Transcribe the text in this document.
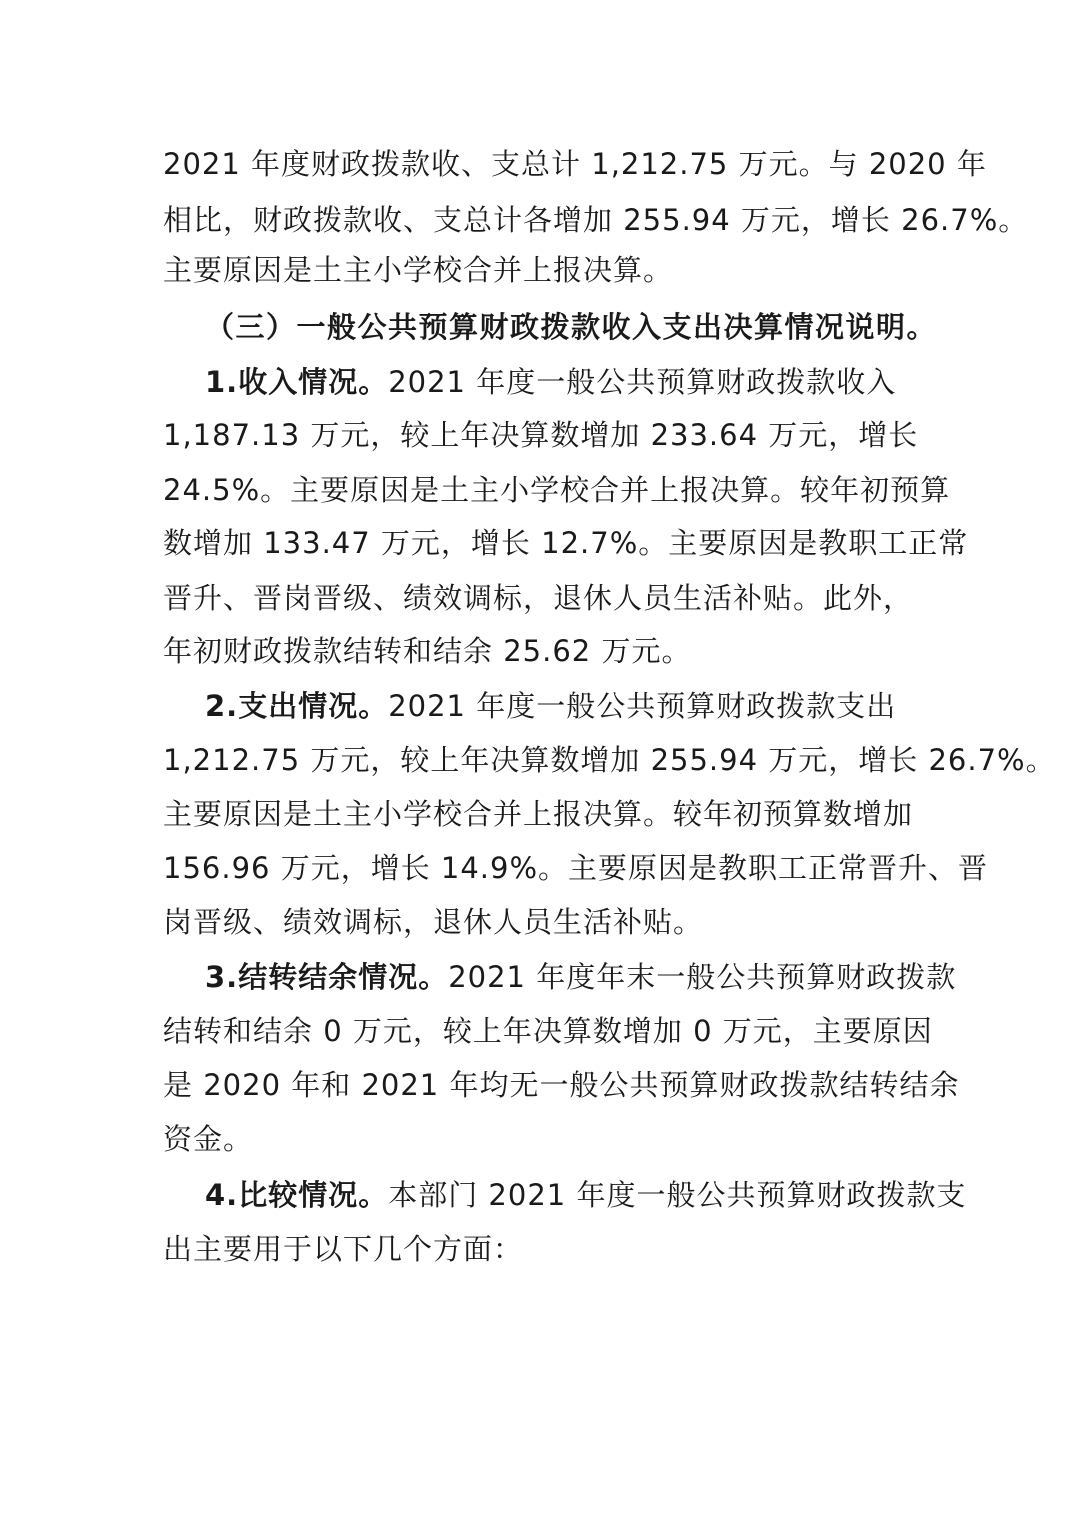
2021 年度财政拨款收、支总计 1,212.75 万元。与 2020 年
相比，财政拨款收、支总计各增加 255.94 万元，增长 26.7%。
主要原因是土主小学校合并上报决算。
（三）一般公共预算财政拨款收入支出决算情况说明。
1.收入情况。2021 年度一般公共预算财政拨款收入
1,187.13 万元，较上年决算数增加 233.64 万元，增长
24.5%。主要原因是土主小学校合并上报决算。较年初预算
数增加 133.47 万元，增长 12.7%。主要原因是教职工正常
晋升、晋岗晋级、绩效调标，退休人员生活补贴。此外，
年初财政拨款结转和结余 25.62 万元。
2.支出情况。2021 年度一般公共预算财政拨款支出
1,212.75 万元，较上年决算数增加 255.94 万元，增长 26.7%。
主要原因是土主小学校合并上报决算。较年初预算数增加
156.96 万元，增长 14.9%。主要原因是教职工正常晋升、晋
岗晋级、绩效调标，退休人员生活补贴。
3.结转结余情况。2021 年度年末一般公共预算财政拨款
结转和结余 0 万元，较上年决算数增加 0 万元，主要原因
是 2020 年和 2021 年均无一般公共预算财政拨款结转结余
资金。
4.比较情况。本部门 2021 年度一般公共预算财政拨款支
出主要用于以下几个方面：
